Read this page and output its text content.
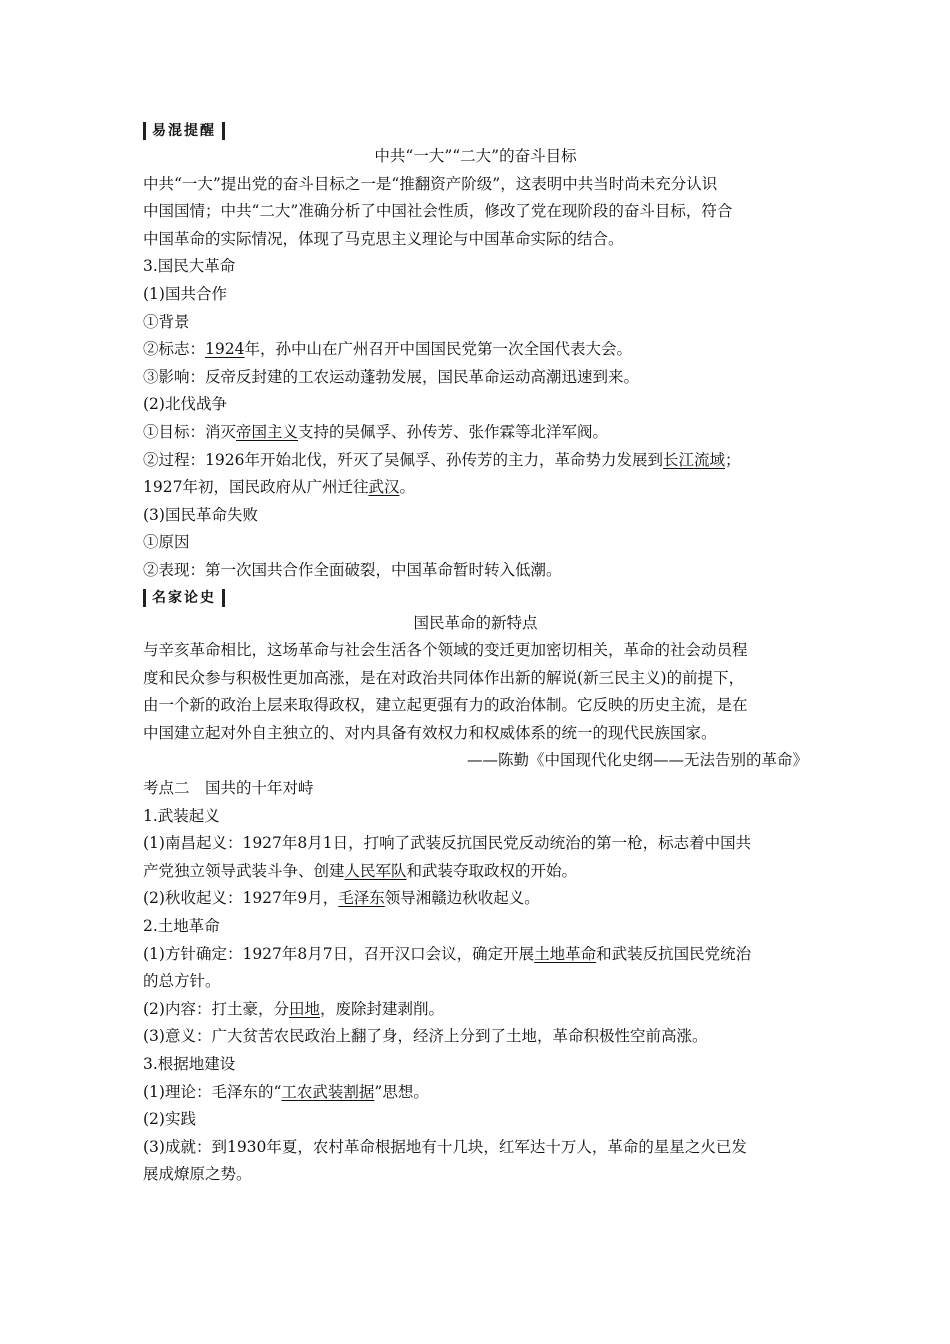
易混提醒
中共“一大”“二大”的奋斗目标
中共“一大”提出党的奋斗目标之一是“推翻资产阶级”，这表明中共当时尚未充分认识
中国国情；中共“二大”准确分析了中国社会性质，修改了党在现阶段的奋斗目标，符合
中国革命的实际情况，体现了马克思主义理论与中国革命实际的结合。
3.国民大革命
(1)国共合作
①背景
②标志：1924年，孙中山在广州召开中国国民党第一次全国代表大会。
③影响：反帝反封建的工农运动蓬勃发展，国民革命运动高潮迅速到来。
(2)北伐战争
①目标：消灭帝国主义支持的吴佩孚、孙传芳、张作霖等北洋军阀。
②过程：1926年开始北伐，歼灭了吴佩孚、孙传芳的主力，革命势力发展到长江流域；
1927年初，国民政府从广州迁往武汉。
(3)国民革命失败
①原因
②表现：第一次国共合作全面破裂，中国革命暂时转入低潮。
名家论史
国民革命的新特点
与辛亥革命相比，这场革命与社会生活各个领域的变迁更加密切相关，革命的社会动员程
度和民众参与积极性更加高涨，是在对政治共同体作出新的解说(新三民主义)的前提下，
由一个新的政治上层来取得政权，建立起更强有力的政治体制。它反映的历史主流，是在
中国建立起对外自主独立的、对内具备有效权力和权威体系的统一的现代民族国家。
——陈勤《中国现代化史纲——无法告别的革命》
考点二　国共的十年对峙
1.武装起义
(1)南昌起义：1927年8月1日，打响了武装反抗国民党反动统治的第一枪，标志着中国共
产党独立领导武装斗争、创建人民军队和武装夺取政权的开始。
(2)秋收起义：1927年9月，毛泽东领导湘赣边秋收起义。
2.土地革命
(1)方针确定：1927年8月7日，召开汉口会议，确定开展土地革命和武装反抗国民党统治
的总方针。
(2)内容：打土豪，分田地，废除封建剥削。
(3)意义：广大贫苦农民政治上翻了身，经济上分到了土地，革命积极性空前高涨。
3.根据地建设
(1)理论：毛泽东的“工农武装割据”思想。
(2)实践
(3)成就：到1930年夏，农村革命根据地有十几块，红军达十万人，革命的星星之火已发
展成燎原之势。
